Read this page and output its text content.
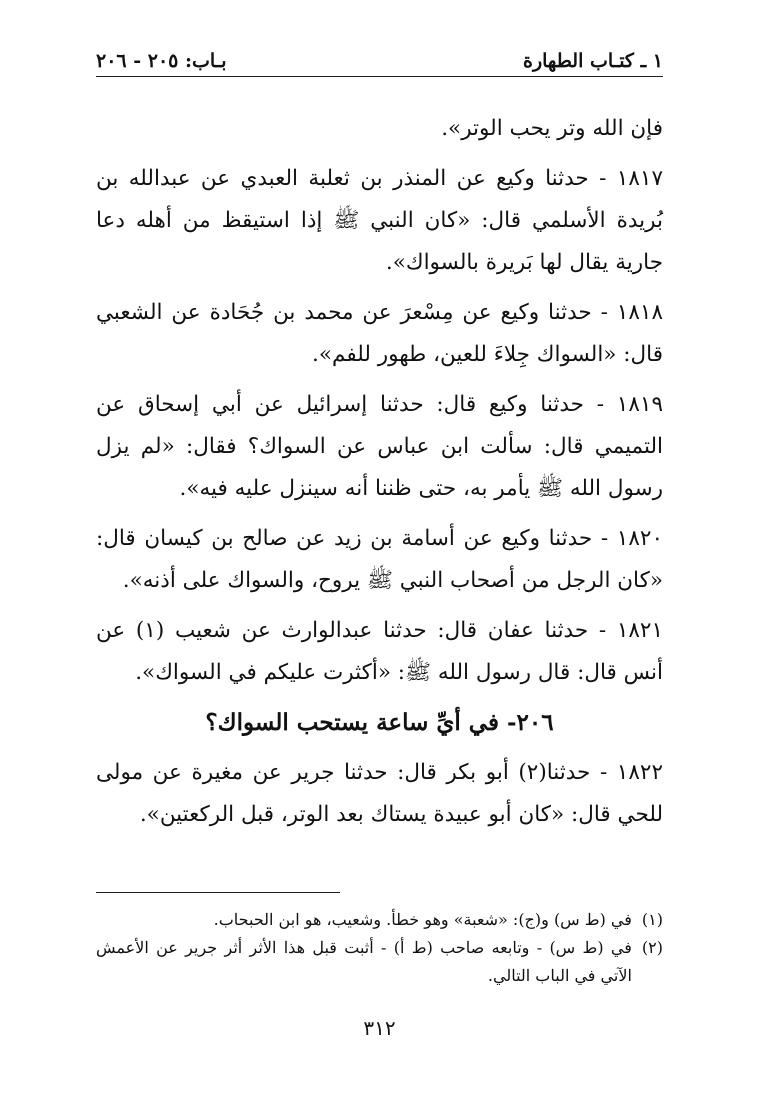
١ ـ كتـاب الطهارة
بـاب: ٢٠٥ - ٢٠٦

فإن الله وتر يحب الوتر».

١٨١٧ - حدثنا وكيع عن المنذر بن ثعلبة العبدي عن عبدالله بن بُريدة الأسلمي قال: «كان النبي ﷺ إذا استيقظ من أهله دعا جارية يقال لها بَريرة بالسواك».

١٨١٨ - حدثنا وكيع عن مِسْعرَ عن محمد بن جُحَادة عن الشعبي قال: «السواك جِلاءَ للعين، طهور للفم».

١٨١٩ - حدثنا وكيع قال: حدثنا إسرائيل عن أبي إسحاق عن التميمي قال: سألت ابن عباس عن السواك؟ فقال: «لم يزل رسول الله ﷺ يأمر به، حتى ظننا أنه سينزل عليه فيه».

١٨٢٠ - حدثنا وكيع عن أسامة بن زيد عن صالح بن كيسان قال: «كان الرجل من أصحاب النبي ﷺ يروح، والسواك على أذنه».

١٨٢١ - حدثنا عفان قال: حدثنا عبدالوارث عن شعيب (١) عن أنس قال: قال رسول الله ﷺ: «أكثرت عليكم في السواك».

٢٠٦- في أيِّ ساعة يستحب السواك؟

١٨٢٢ - حدثنا(٢) أبو بكر قال: حدثنا جرير عن مغيرة عن مولى للحي قال: «كان أبو عبيدة يستاك بعد الوتر، قبل الركعتين».

(١)
في (ط س) و(ج): «شعبة» وهو خطأ. وشعيب، هو ابن الحبحاب.
(٢)
في (ط س) - وتابعه صاحب (ط أ) - أثبت قبل هذا الأثر أثر جرير عن الأعمش الآتي في الباب التالي.
٣١٢
